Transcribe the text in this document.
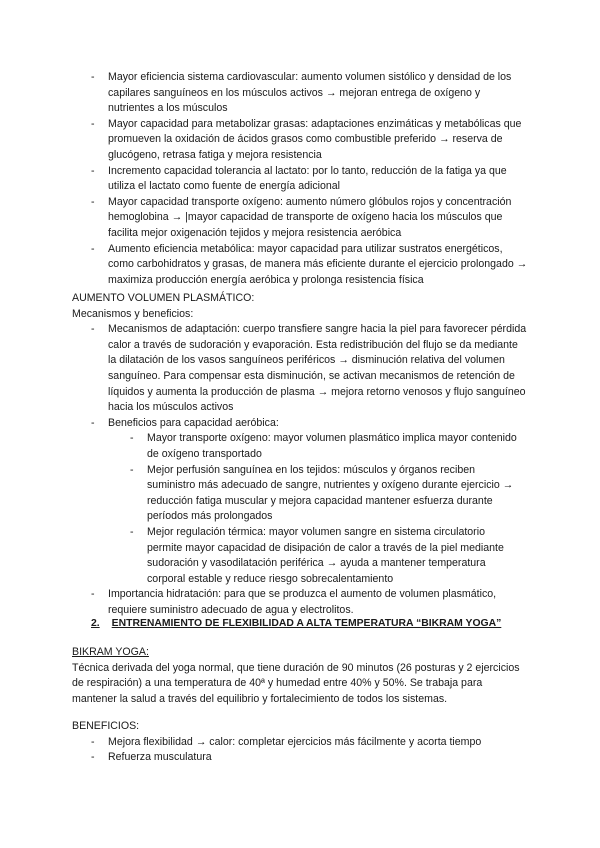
- Mayor eficiencia sistema cardiovascular: aumento volumen sistólico y densidad de los capilares sanguíneos en los músculos activos → mejoran entrega de oxígeno y nutrientes a los músculos
- Mayor capacidad para metabolizar grasas: adaptaciones enzimáticas y metabólicas que promueven la oxidación de ácidos grasos como combustible preferido → reserva de glucógeno, retrasa fatiga y mejora resistencia
- Incremento capacidad tolerancia al lactato: por lo tanto, reducción de la fatiga ya que utiliza el lactato como fuente de energía adicional
- Mayor capacidad transporte oxígeno: aumento número glóbulos rojos y concentración hemoglobina → |mayor capacidad de transporte de oxígeno hacia los músculos que facilita mejor oxigenación tejidos y mejora resistencia aeróbica
- Aumento eficiencia metabólica: mayor capacidad para utilizar sustratos energéticos, como carbohidratos y grasas, de manera más eficiente durante el ejercicio prolongado → maximiza producción energía aeróbica y prolonga resistencia física
AUMENTO VOLUMEN PLASMÁTICO:
Mecanismos y beneficios:
- Mecanismos de adaptación: cuerpo transfiere sangre hacia la piel para favorecer pérdida calor a través de sudoración y evaporación. Esta redistribución del flujo se da mediante la dilatación de los vasos sanguíneos periféricos → disminución relativa del volumen sanguíneo. Para compensar esta disminución, se activan mecanismos de retención de líquidos y aumenta la producción de plasma → mejora retorno venosos y flujo sanguíneo hacia los músculos activos
- Beneficios para capacidad aeróbica:
- Mayor transporte oxígeno: mayor volumen plasmático implica mayor contenido de oxígeno transportado
- Mejor perfusión sanguínea en los tejidos: músculos y órganos reciben suministro más adecuado de sangre, nutrientes y oxígeno durante ejercicio → reducción fatiga muscular y mejora capacidad mantener esfuerza durante períodos más prolongados
- Mejor regulación térmica: mayor volumen sangre en sistema circulatorio permite mayor capacidad de disipación de calor a través de la piel mediante sudoración y vasodilatación periférica → ayuda a mantener temperatura corporal estable y reduce riesgo sobrecalentamiento
- Importancia hidratación: para que se produzca el aumento de volumen plasmático, requiere suministro adecuado de agua y electrolitos.
2. ENTRENAMIENTO DE FLEXIBILIDAD A ALTA TEMPERATURA “BIKRAM YOGA”
BIKRAM YOGA:
Técnica derivada del yoga normal, que tiene duración de 90 minutos (26 posturas y 2 ejercicios de respiración) a una temperatura de 40ª y humedad entre 40% y 50%. Se trabaja para mantener la salud a través del equilibrio y fortalecimiento de todos los sistemas.
BENEFICIOS:
- Mejora flexibilidad → calor: completar ejercicios más fácilmente y acorta tiempo
- Refuerza musculatura
